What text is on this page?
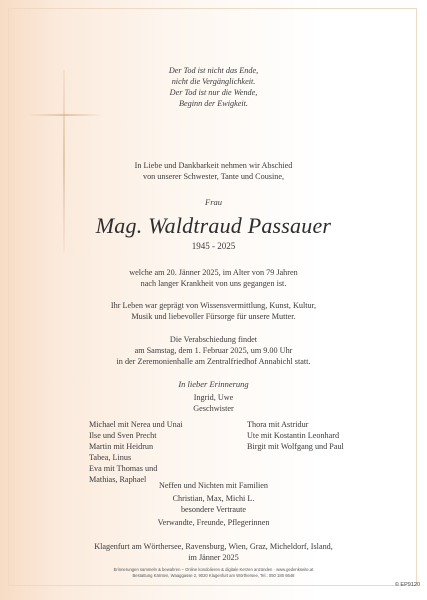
Der Tod ist nicht das Ende,
nicht die Vergänglichkeit.
Der Tod ist nur die Wende,
Beginn der Ewigkeit.
In Liebe und Dankbarkeit nehmen wir Abschied
von unserer Schwester, Tante und Cousine,
Frau
Mag. Waldtraud Passauer
1945 - 2025
welche am 20. Jänner 2025, im Alter von 79 Jahren
nach langer Krankheit von uns gegangen ist.
Ihr Leben war geprägt von Wissensvermittlung, Kunst, Kultur,
Musik und liebevoller Fürsorge für unsere Mutter.
Die Verabschiedung findet
am Samstag, dem 1. Februar 2025, um 9.00 Uhr
in der Zeremonienhalle am Zentralfriedhof Annabichl statt.
In lieber Erinnerung
Ingrid, Uwe
Geschwister
Michael mit Nerea und Unai
Ilse und Sven Precht
Martin mit Heidrun
Tabea, Linus
Eva mit Thomas und
Mathias, Raphael
Thora mit Astridur
Ute mit Kostantin Leonhard
Birgit mit Wolfgang und Paul
Neffen und Nichten mit Familien
Christian, Max, Michi L.
besondere Vertraute
Verwandte, Freunde, Pflegerinnen
Klagenfurt am Wörthersee, Ravensburg, Wien, Graz, Micheldorf, Island,
im Jänner 2025
Erinnerungen sammeln & bewahren – Online kondolieren & digitale Kerzen anzünden · www.gedenkseite.at
Bestattung Kärnten, Waaggasse 2, 9020 Klagenfurt am Wörthersee, Tel.: 050 180 6648
© EP9120
